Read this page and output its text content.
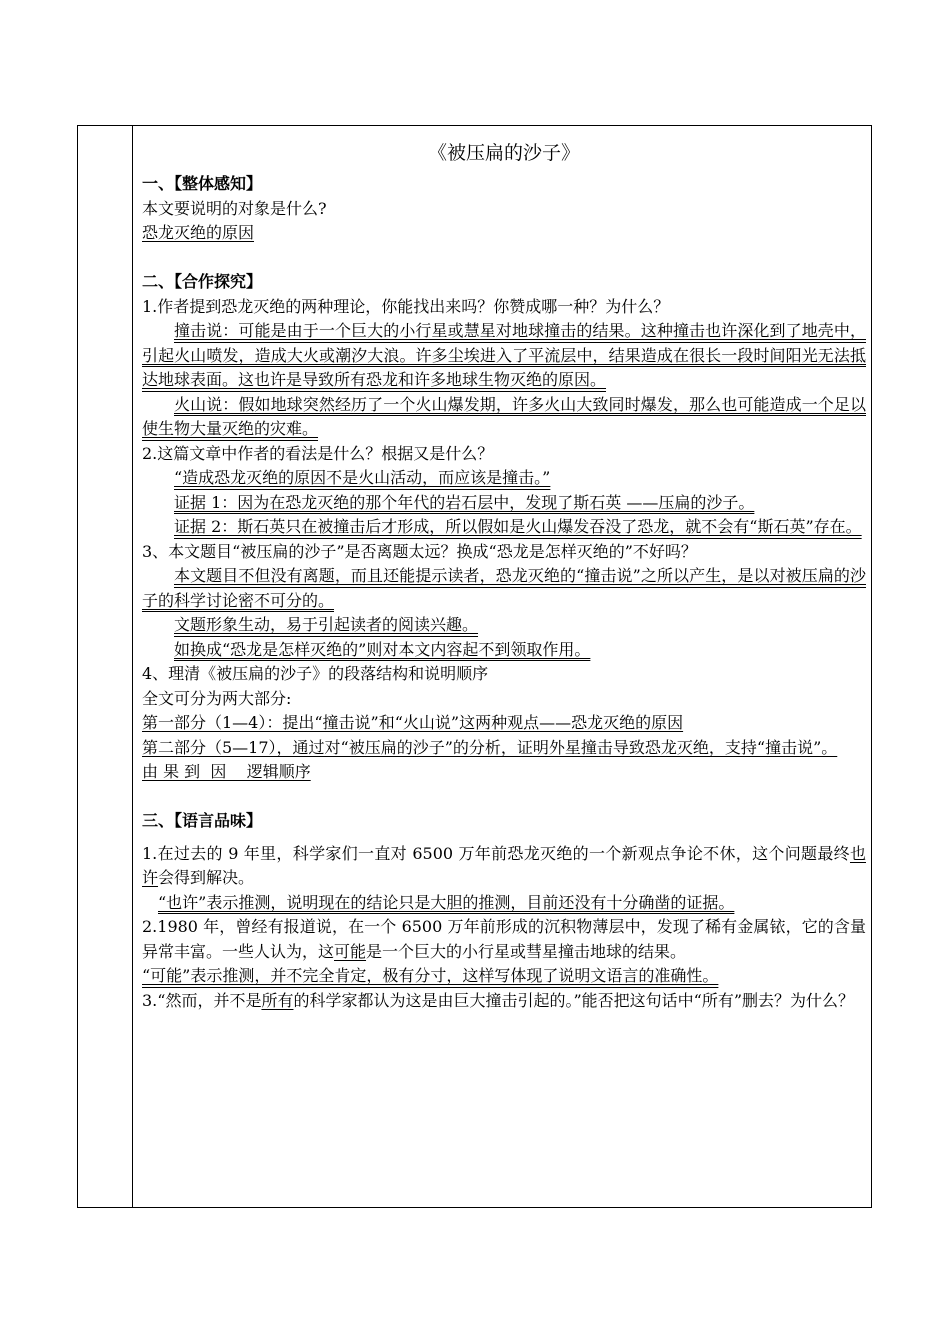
《被压扁的沙子》

一、【整体感知】

本文要说明的对象是什么?

恐龙灭绝的原因

二、【合作探究】

1.作者提到恐龙灭绝的两种理论，你能找出来吗？你赞成哪一种？为什么？

撞击说：可能是由于一个巨大的小行星或慧星对地球撞击的结果。这种撞击也许深化到了地壳中，引起火山喷发，造成大火或潮汐大浪。许多尘埃进入了平流层中，结果造成在很长一段时间阳光无法抵达地球表面。这也许是导致所有恐龙和许多地球生物灭绝的原因。

火山说：假如地球突然经历了一个火山爆发期，许多火山大致同时爆发，那么也可能造成一个足以使生物大量灭绝的灾难。

2.这篇文章中作者的看法是什么？根据又是什么？

“造成恐龙灭绝的原因不是火山活动，而应该是撞击。”

证据 1：因为在恐龙灭绝的那个年代的岩石层中，发现了斯石英 ——压扁的沙子。

证据 2：斯石英只在被撞击后才形成，所以假如是火山爆发吞没了恐龙，就不会有“斯石英”存在。

3、本文题目“被压扁的沙子”是否离题太远？换成“恐龙是怎样灭绝的”不好吗？

本文题目不但没有离题，而且还能提示读者，恐龙灭绝的“撞击说”之所以产生，是以对被压扁的沙子的科学讨论密不可分的。

文题形象生动，易于引起读者的阅读兴趣。

如换成“恐龙是怎样灭绝的”则对本文内容起不到领取作用。

4、理清《被压扁的沙子》的段落结构和说明顺序

全文可分为两大部分:

第一部分（1—4）：提出“撞击说”和“火山说”这两种观点——恐龙灭绝的原因

第二部分（5—17），通过对“被压扁的沙子”的分析，证明外星撞击导致恐龙灭绝，支持“撞击说”。

由 果 到  因    逻辑顺序

三、【语言品味】

1.在过去的 9 年里，科学家们一直对 6500 万年前恐龙灭绝的一个新观点争论不休，这个问题最终也许会得到解决。

“也许”表示推测，说明现在的结论只是大胆的推测，目前还没有十分确凿的证据。

2.1980 年，曾经有报道说，在一个 6500 万年前形成的沉积物薄层中，发现了稀有金属铱，它的含量异常丰富。一些人认为，这可能是一个巨大的小行星或彗星撞击地球的结果。

“可能”表示推测，并不完全肯定，极有分寸，这样写体现了说明文语言的准确性。

3.“然而，并不是所有的科学家都认为这是由巨大撞击引起的。”能否把这句话中“所有”删去？为什么？
